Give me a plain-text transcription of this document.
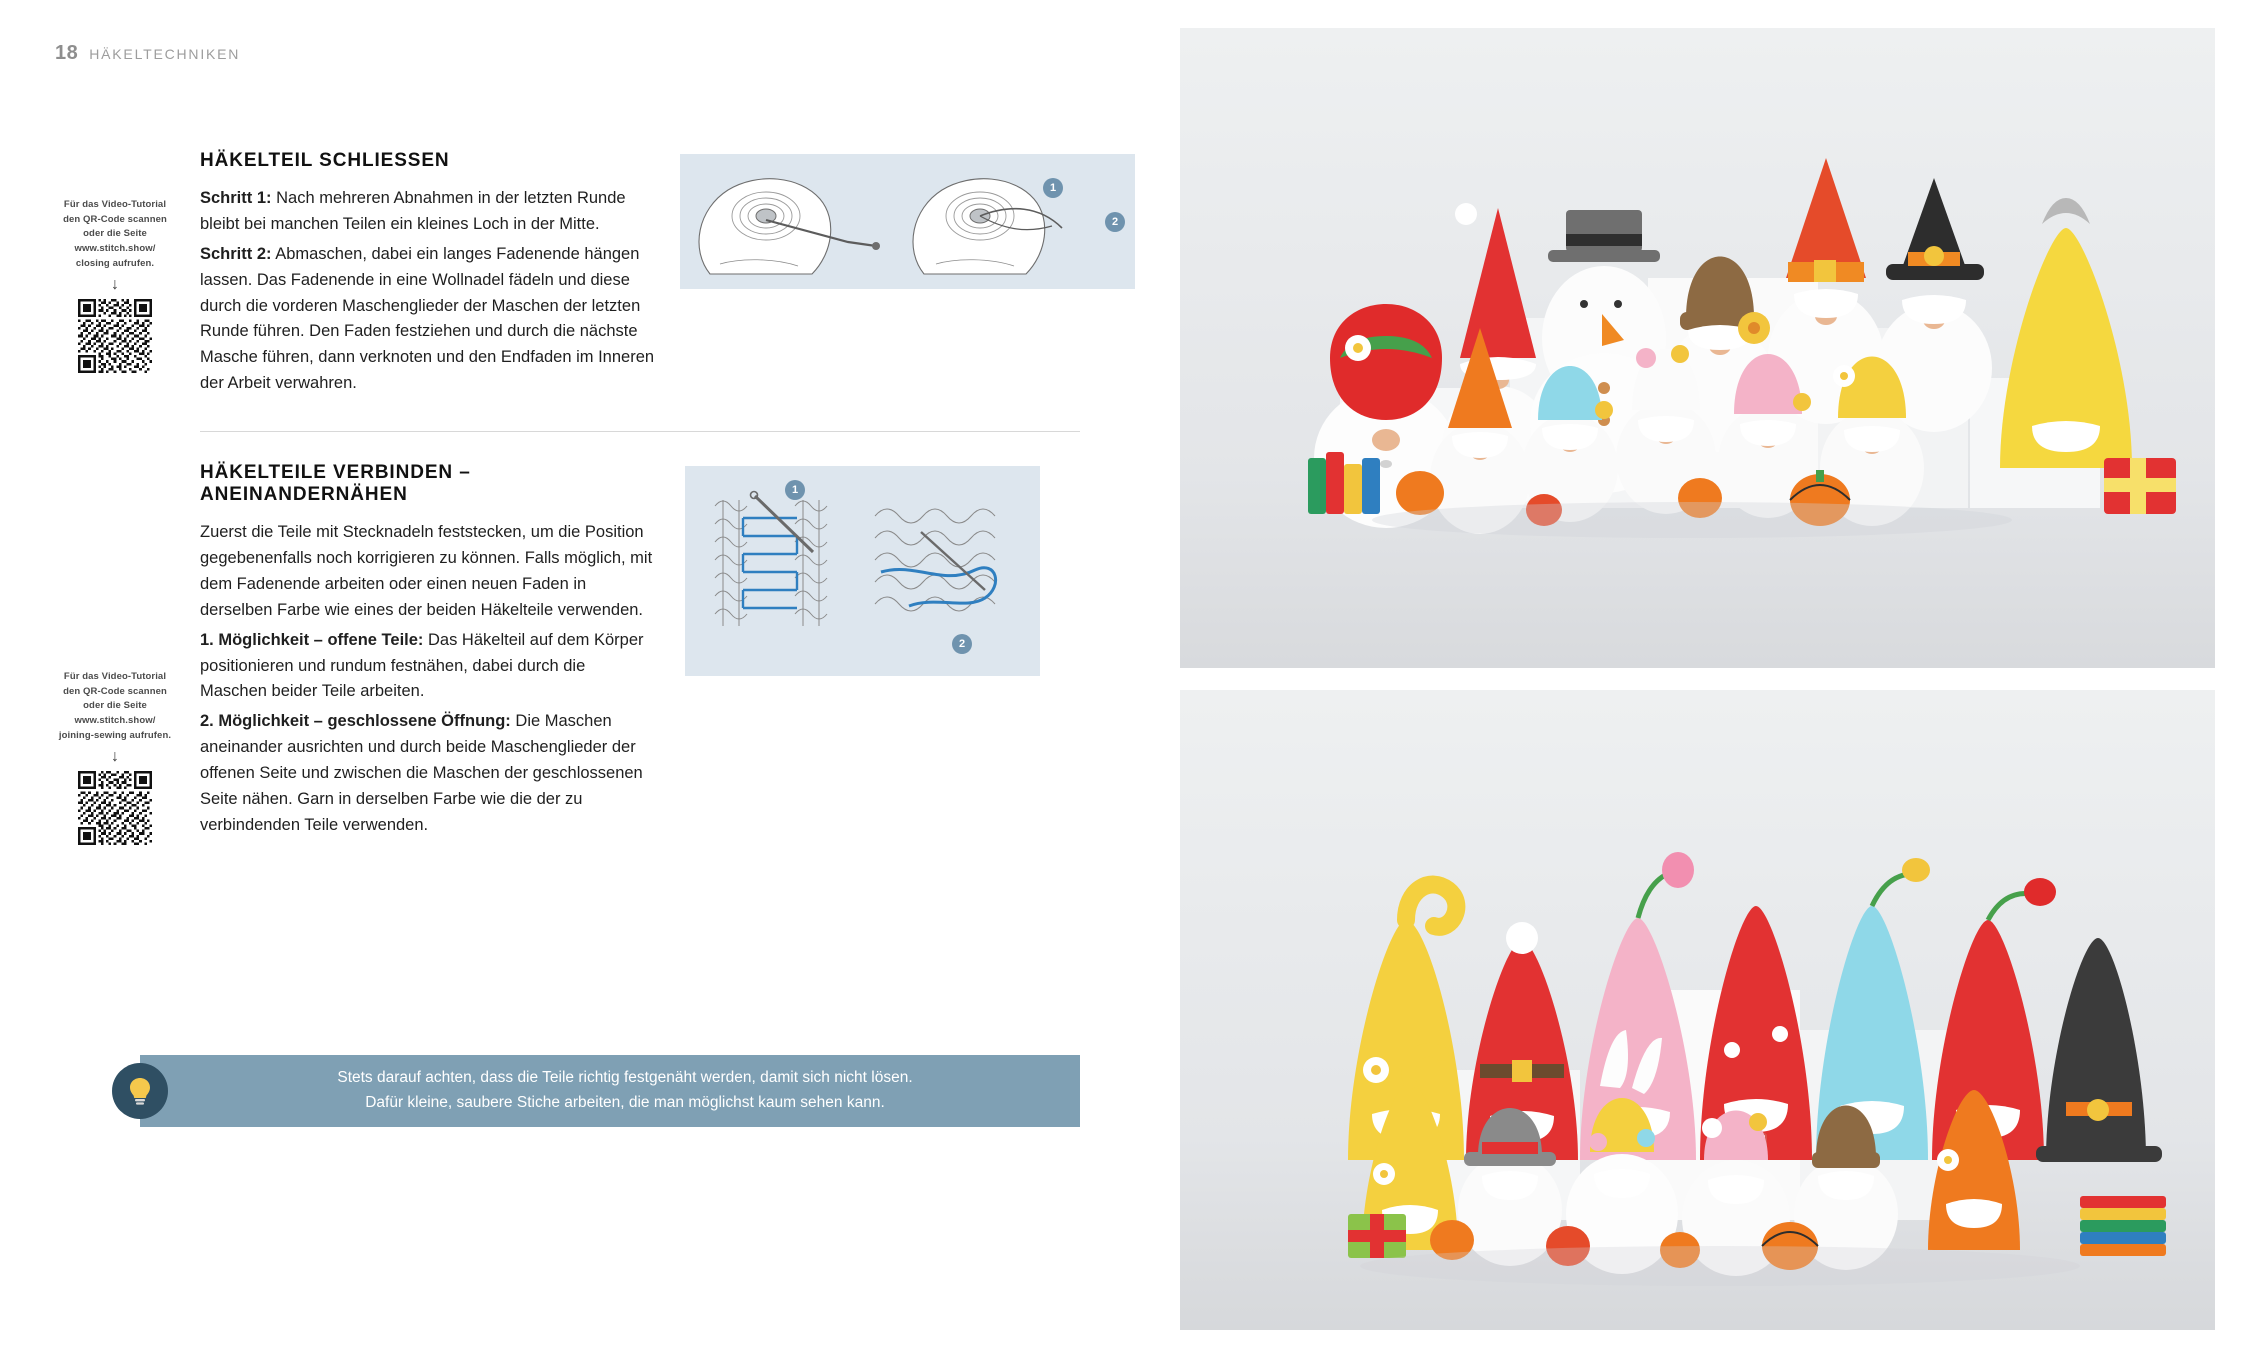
18 HÄKELTECHNIKEN
Für das Video-Tutorial
den QR-Code scannen
oder die Seite

www.stitch.show/
closing aufrufen.
↓
HÄKELTEIL SCHLIESSEN

Schritt 1: Nach mehreren Abnahmen in der letzten Runde bleibt bei manchen Teilen ein kleines Loch in der Mitte.

Schritt 2: Abmaschen, dabei ein langes Fadenende hängen lassen. Das Fadenende in eine Wollnadel fädeln und diese durch die vorderen Maschenglieder der Maschen der letzten Runde führen. Den Faden festziehen und durch die nächste Masche führen, dann verknoten und den Endfaden im Inneren der Arbeit verwahren.

1
2
HÄKELTEILE VERBINDEN – ANEINANDERNÄHEN

Zuerst die Teile mit Stecknadeln feststecken, um die Position gegebenenfalls noch korrigieren zu können. Falls möglich, mit dem Fadenende arbeiten oder einen neuen Faden in derselben Farbe wie eines der beiden Häkelteile verwenden.

1. Möglichkeit – offene Teile: Das Häkelteil auf dem Körper positionieren und rundum festnähen, dabei durch die Maschen beider Teile arbeiten.

2. Möglichkeit – geschlossene Öffnung: Die Maschen aneinander ausrichten und durch beide Maschenglieder der offenen Seite und zwischen die Maschen der geschlossenen Seite nähen. Garn in derselben Farbe wie die der zu verbindenden Teile verwenden.

1
2
Für das Video-Tutorial
den QR-Code scannen
oder die Seite

www.stitch.show/
joining-sewing aufrufen.
↓
Stets darauf achten, dass die Teile richtig festgenäht werden, damit sich nicht lösen.
Dafür kleine, saubere Stiche arbeiten, die man möglichst kaum sehen kann.
